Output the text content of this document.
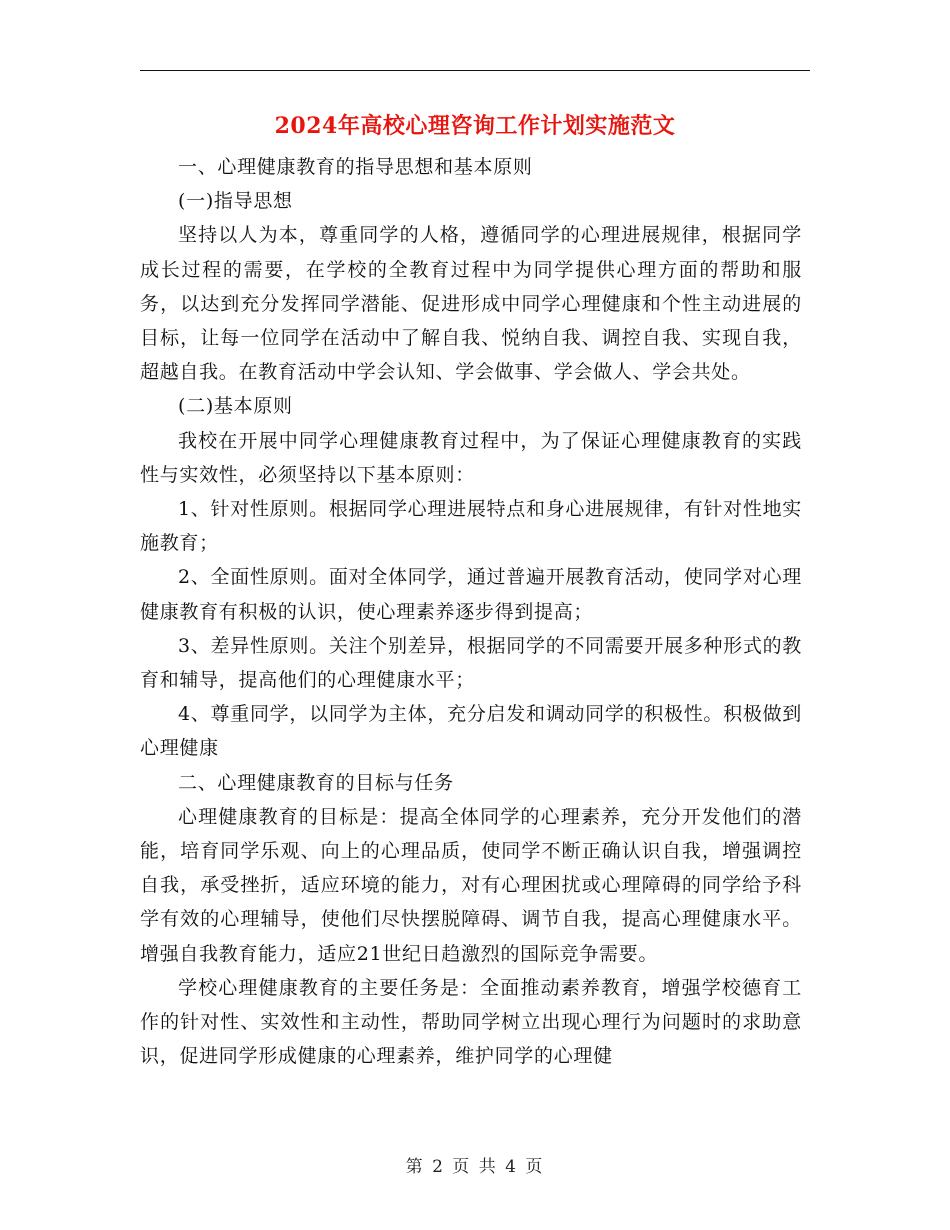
2024年高校心理咨询工作计划实施范文

一、心理健康教育的指导思想和基本原则

(一)指导思想

坚持以人为本，尊重同学的人格，遵循同学的心理进展规律，根据同学成长过程的需要，在学校的全教育过程中为同学提供心理方面的帮助和服务，以达到充分发挥同学潜能、促进形成中同学心理健康和个性主动进展的目标，让每一位同学在活动中了解自我、悦纳自我、调控自我、实现自我，超越自我。在教育活动中学会认知、学会做事、学会做人、学会共处。

(二)基本原则

我校在开展中同学心理健康教育过程中，为了保证心理健康教育的实践性与实效性，必须坚持以下基本原则：

1、针对性原则。根据同学心理进展特点和身心进展规律，有针对性地实施教育；

2、全面性原则。面对全体同学，通过普遍开展教育活动，使同学对心理健康教育有积极的认识，使心理素养逐步得到提高；

3、差异性原则。关注个别差异，根据同学的不同需要开展多种形式的教育和辅导，提高他们的心理健康水平；

4、尊重同学，以同学为主体，充分启发和调动同学的积极性。积极做到心理健康

二、心理健康教育的目标与任务

心理健康教育的目标是：提高全体同学的心理素养，充分开发他们的潜能，培育同学乐观、向上的心理品质，使同学不断正确认识自我，增强调控自我，承受挫折，适应环境的能力，对有心理困扰或心理障碍的同学给予科学有效的心理辅导，使他们尽快摆脱障碍、调节自我，提高心理健康水平。增强自我教育能力，适应21世纪日趋激烈的国际竞争需要。

学校心理健康教育的主要任务是：全面推动素养教育，增强学校德育工作的针对性、实效性和主动性，帮助同学树立出现心理行为问题时的求助意识，促进同学形成健康的心理素养，维护同学的心理健

第 2 页 共 4 页
